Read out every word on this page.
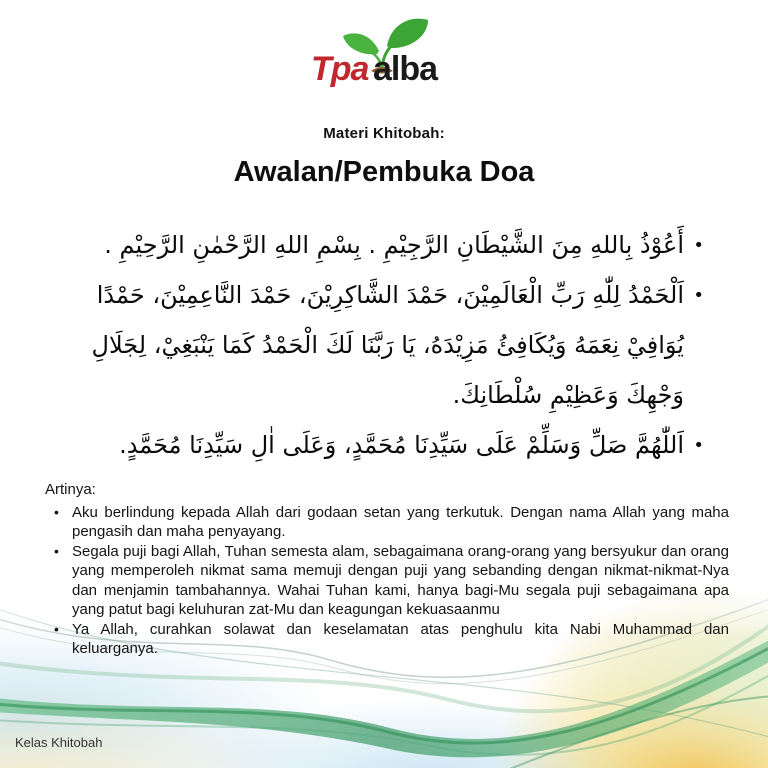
Tpa alba
Materi Khitobah:
Awalan/Pembuka Doa
•
أَعُوْذُ بِاللهِ مِنَ الشَّيْطَانِ الرَّجِيْمِ . بِسْمِ اللهِ الرَّحْمٰنِ الرَّحِيْمِ .
•
اَلْحَمْدُ لِلّٰهِ رَبِّ الْعَالَمِيْنَ، حَمْدَ الشَّاكِرِيْنَ، حَمْدَ النَّاعِمِيْنَ، حَمْدًا يُوَافِيْ نِعَمَهُ وَيُكَافِئُ مَزِيْدَهُ، يَا رَبَّنَا لَكَ الْحَمْدُ كَمَا يَنْبَغِيْ، لِجَلَالِ وَجْهِكَ وَعَظِيْمِ سُلْطَانِكَ.
•
اَللّٰهُمَّ صَلِّ وَسَلِّمْ عَلَى سَيِّدِنَا مُحَمَّدٍ، وَعَلَى اٰلِ سَيِّدِنَا مُحَمَّدٍ.

Artinya:

• Aku berlindung kepada Allah dari godaan setan yang terkutuk. Dengan nama Allah yang maha pengasih dan maha penyayang.
• Segala puji bagi Allah, Tuhan semesta alam, sebagaimana orang-orang yang bersyukur dan orang yang memperoleh nikmat sama memuji dengan puji yang sebanding dengan nikmat-nikmat-Nya dan menjamin tambahannya. Wahai Tuhan kami, hanya bagi-Mu segala puji sebagaimana apa yang patut bagi keluhuran zat-Mu dan keagungan kekuasaanmu
• Ya Allah, curahkan solawat dan keselamatan atas penghulu kita Nabi Muhammad dan keluarganya.
Kelas Khitobah
